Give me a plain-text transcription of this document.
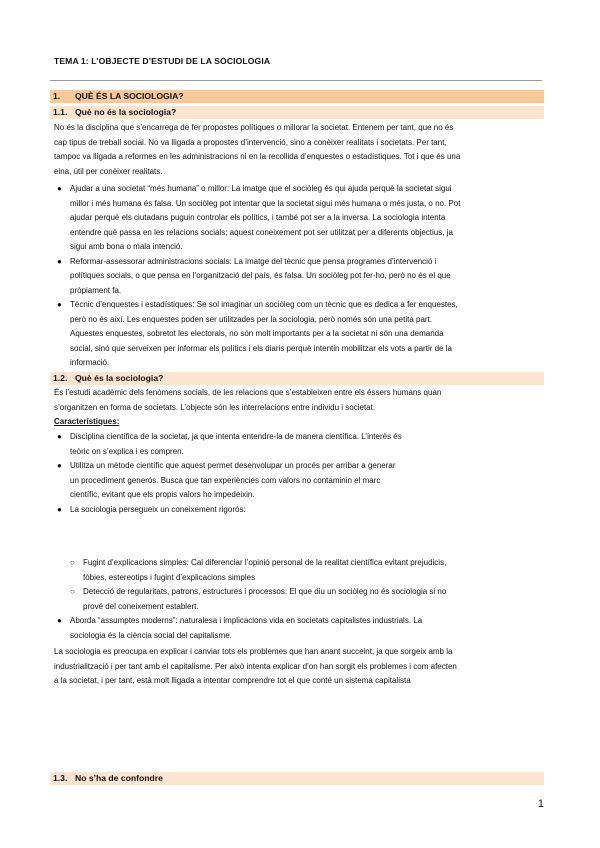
TEMA 1: L’OBJECTE D’ESTUDI DE LA SOCIOLOGIA
1. QUÈ ÉS LA SOCIOLOGIA?
1.1. Què no és la sociologia?
No és la disciplina que s’encarrega de fer propostes polítiques o millorar la societat. Entenem per tant, que no és
cap tipus de treball social. No va lligada a propostes d’intervenció, sino a conèixer realitats i societats. Per tant,
tampoc va lligada a reformes en les administracions ni en la recollida d’enquestes o estadístiques. Tot i que és una
eina, útil per conèixer realitats.
● Ajudar a una societat “més humana” o millor: La imatge que el sociòleg és qui ajuda perquè la societat sigui
millor i més humana és falsa. Un sociòleg pot intentar que la societat sigui més humana o més justa, o no. Pot
ajudar perquè els ciutadans puguin controlar els polítics, i també pot ser a la inversa. La sociologia intenta
entendre què passa en les relacions socials; aquest coneixement pot ser utilitzat per a diferents objectius, ja
sigui amb bona o mala intenció.
● Reformar-assessorar administracions socials: La imatge del tècnic que pensa programes d’intervenció i
polítiques socials, o que pensa en l’organització del país, és falsa. Un sociòleg pot fer-ho, però no és el que
pròpiament fa.
● Tècnic d’enquestes i estadístiques: Se sol imaginar un sociòleg com un tècnic que es dedica a fer enquestes,
però no és així. Les enquestes poden ser utilitzades per la sociologia, però només són una petita part.
Aquestes enquestes, sobretot les electorals, no són molt importants per a la societat ni són una demanda
social, sinó que serveixen per informar els polítics i els diaris perquè intentin mobilitzar els vots a partir de la
informació.
1.2. Què és la sociologia?
És l’estudi acadèmic dels fenòmens socials, de les relacions que s’estableixen entre els éssers humans quan
s’organitzen en forma de societats. L’objecte són les interrelacions entre individu i societat.
Característiques:
● Disciplina científica de la societat, ja que intenta entendre-la de manera científica. L’interès és
teòric on s’explica i es compren.
● Utilitza un mètode científic que aquest permet desenvolupar un procés per arribar a generar
un procediment generós. Busca que tan experiències com valors no contaminin el marc
científic, evitant que els propis valors ho impedeixin.
● La sociologia persegueix un coneixement rigorós:
○ Fugint d’explicacions simples: Cal diferenciar l’opinió personal de la realitat científica evitant prejudicis,
fòbies, estereotips i fugint d’explicacions simples
○ Detecció de regularitats, patrons, estructures i processos: El que diu un sociòleg no és sociologia si no
prové del coneixement establert.
● Aborda “assumptes moderns”: naturalesa i implicacions vida en societats capitalistes industrials. La
sociologia és la ciència social del capitalisme.
La sociologia es preocupa en explicar i canviar tots els problemes que han anant succeint, ja que sorgeix amb la
industrialització i per tant amb el capitalisme. Per això intenta explicar d’on han sorgit els problemes i com afecten
a la societat, i per tant, està molt lligada a intentar comprendre tot el que conté un sistema capitalista
1.3. No s’ha de confondre
1
